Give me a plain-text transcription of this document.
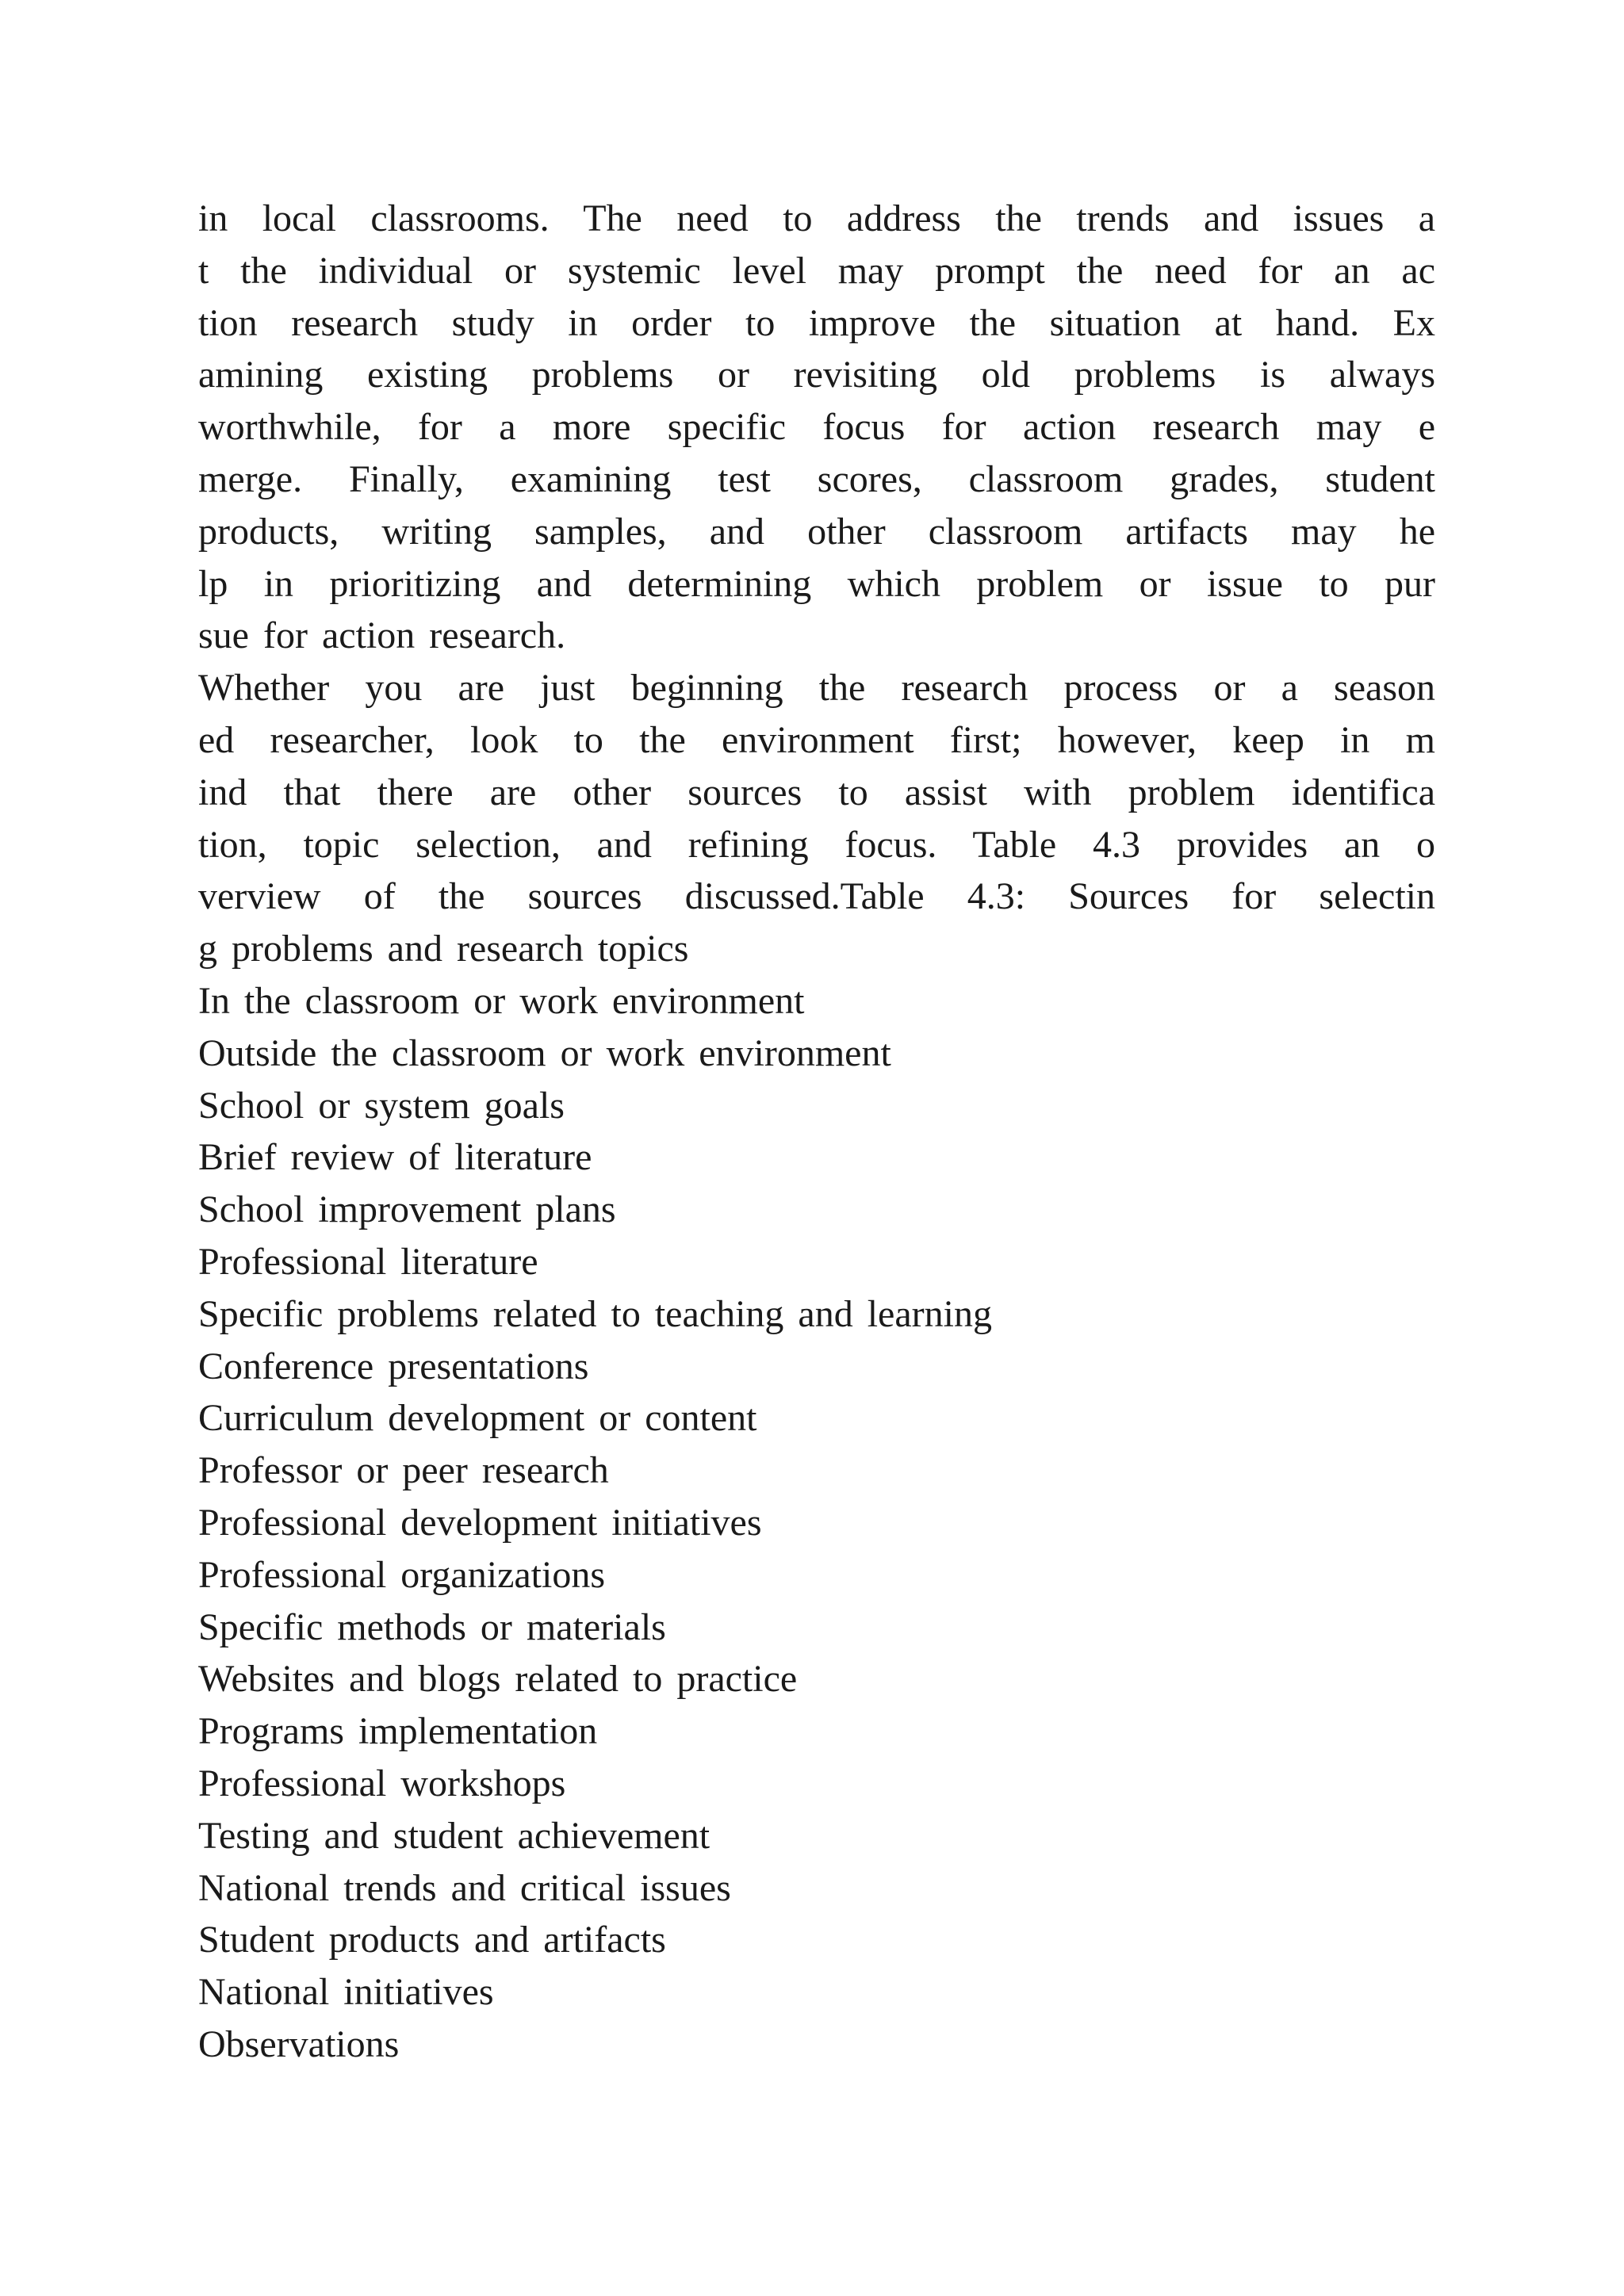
in local classrooms. The need to address the trends and issues a
t the individual or systemic level may prompt the need for an ac
tion research study in order to improve the situation at hand. Ex
amining existing problems or revisiting old problems is always
worthwhile, for a more specific focus for action research may e
merge. Finally, examining test scores, classroom grades, student
products, writing samples, and other classroom artifacts may he
lp in prioritizing and determining which problem or issue to pur
sue for action research.
Whether you are just beginning the research process or a season
ed researcher, look to the environment first; however, keep in m
ind that there are other sources to assist with problem identifica
tion, topic selection, and refining focus. Table 4.3 provides an o
verview of the sources discussed.Table 4.3: Sources for selectin
g problems and research topics
In the classroom or work environment
Outside the classroom or work environment
School or system goals
Brief review of literature
School improvement plans
Professional literature
Specific problems related to teaching and learning
Conference presentations
Curriculum development or content
Professor or peer research
Professional development initiatives
Professional organizations
Specific methods or materials
Websites and blogs related to practice
Programs implementation
Professional workshops
Testing and student achievement
National trends and critical issues
Student products and artifacts
National initiatives
Observations
